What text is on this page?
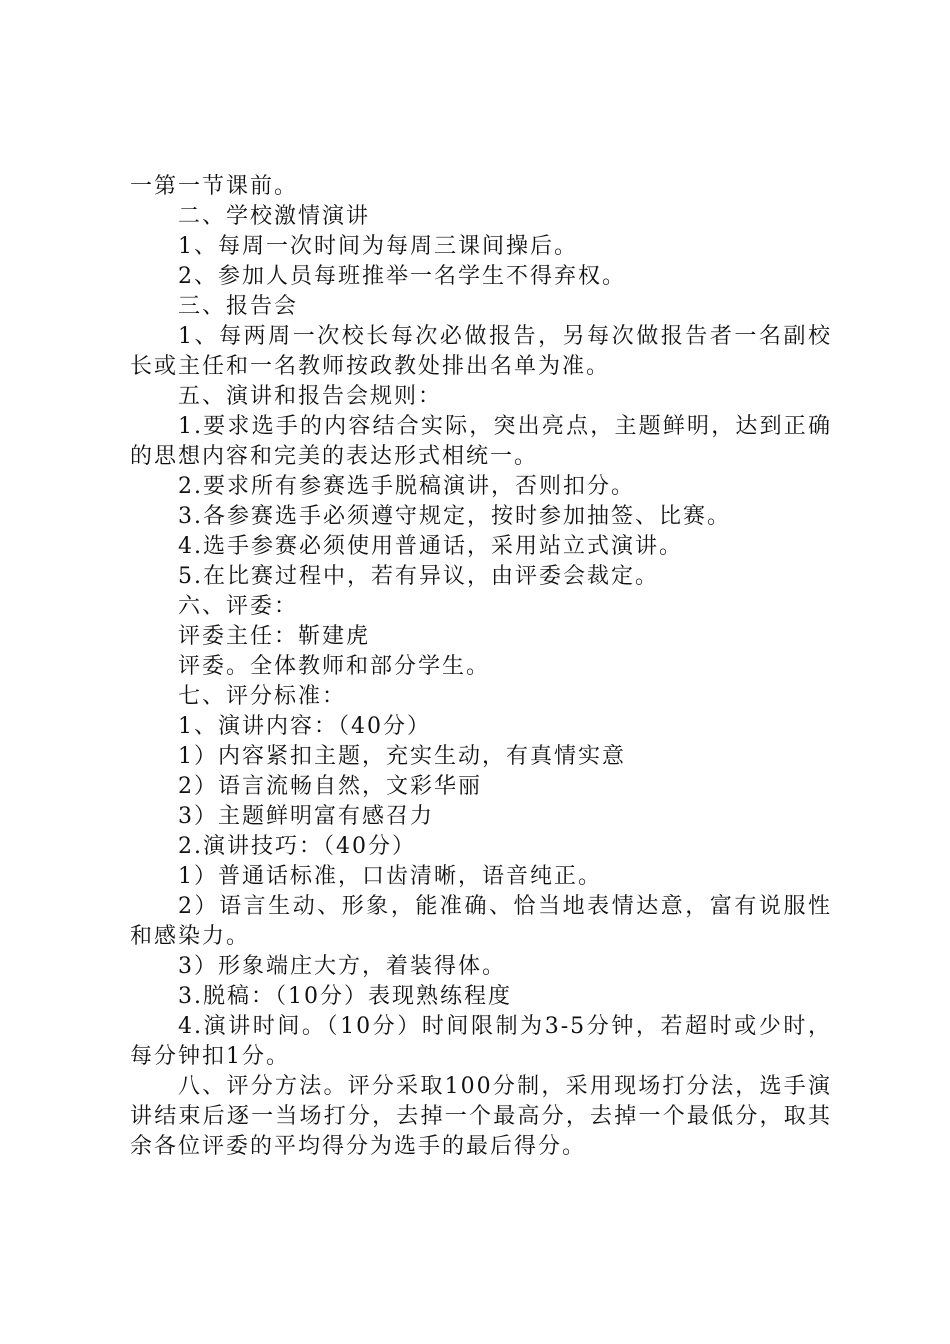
一第一节课前。

二、学校激情演讲

1、每周一次时间为每周三课间操后。

2、参加人员每班推举一名学生不得弃权。

三、报告会

1、每两周一次校长每次必做报告，另每次做报告者一名副校长或主任和一名教师按政教处排出名单为准。

五、演讲和报告会规则：

1.要求选手的内容结合实际，突出亮点，主题鲜明，达到正确的思想内容和完美的表达形式相统一。

2.要求所有参赛选手脱稿演讲，否则扣分。

3.各参赛选手必须遵守规定，按时参加抽签、比赛。

4.选手参赛必须使用普通话，采用站立式演讲。

5.在比赛过程中，若有异议，由评委会裁定。

六、评委：

评委主任：靳建虎

评委。全体教师和部分学生。

七、评分标准：

1、演讲内容：（40分）

1）内容紧扣主题，充实生动，有真情实意

2）语言流畅自然，文彩华丽

3）主题鲜明富有感召力

2.演讲技巧：（40分）

1）普通话标准，口齿清晰，语音纯正。

2）语言生动、形象，能准确、恰当地表情达意，富有说服性和感染力。

3）形象端庄大方，着装得体。

3.脱稿：（10分）表现熟练程度

4.演讲时间。（10分）时间限制为3-5分钟，若超时或少时，每分钟扣1分。

八、评分方法。评分采取100分制，采用现场打分法，选手演讲结束后逐一当场打分，去掉一个最高分，去掉一个最低分，取其余各位评委的平均得分为选手的最后得分。
